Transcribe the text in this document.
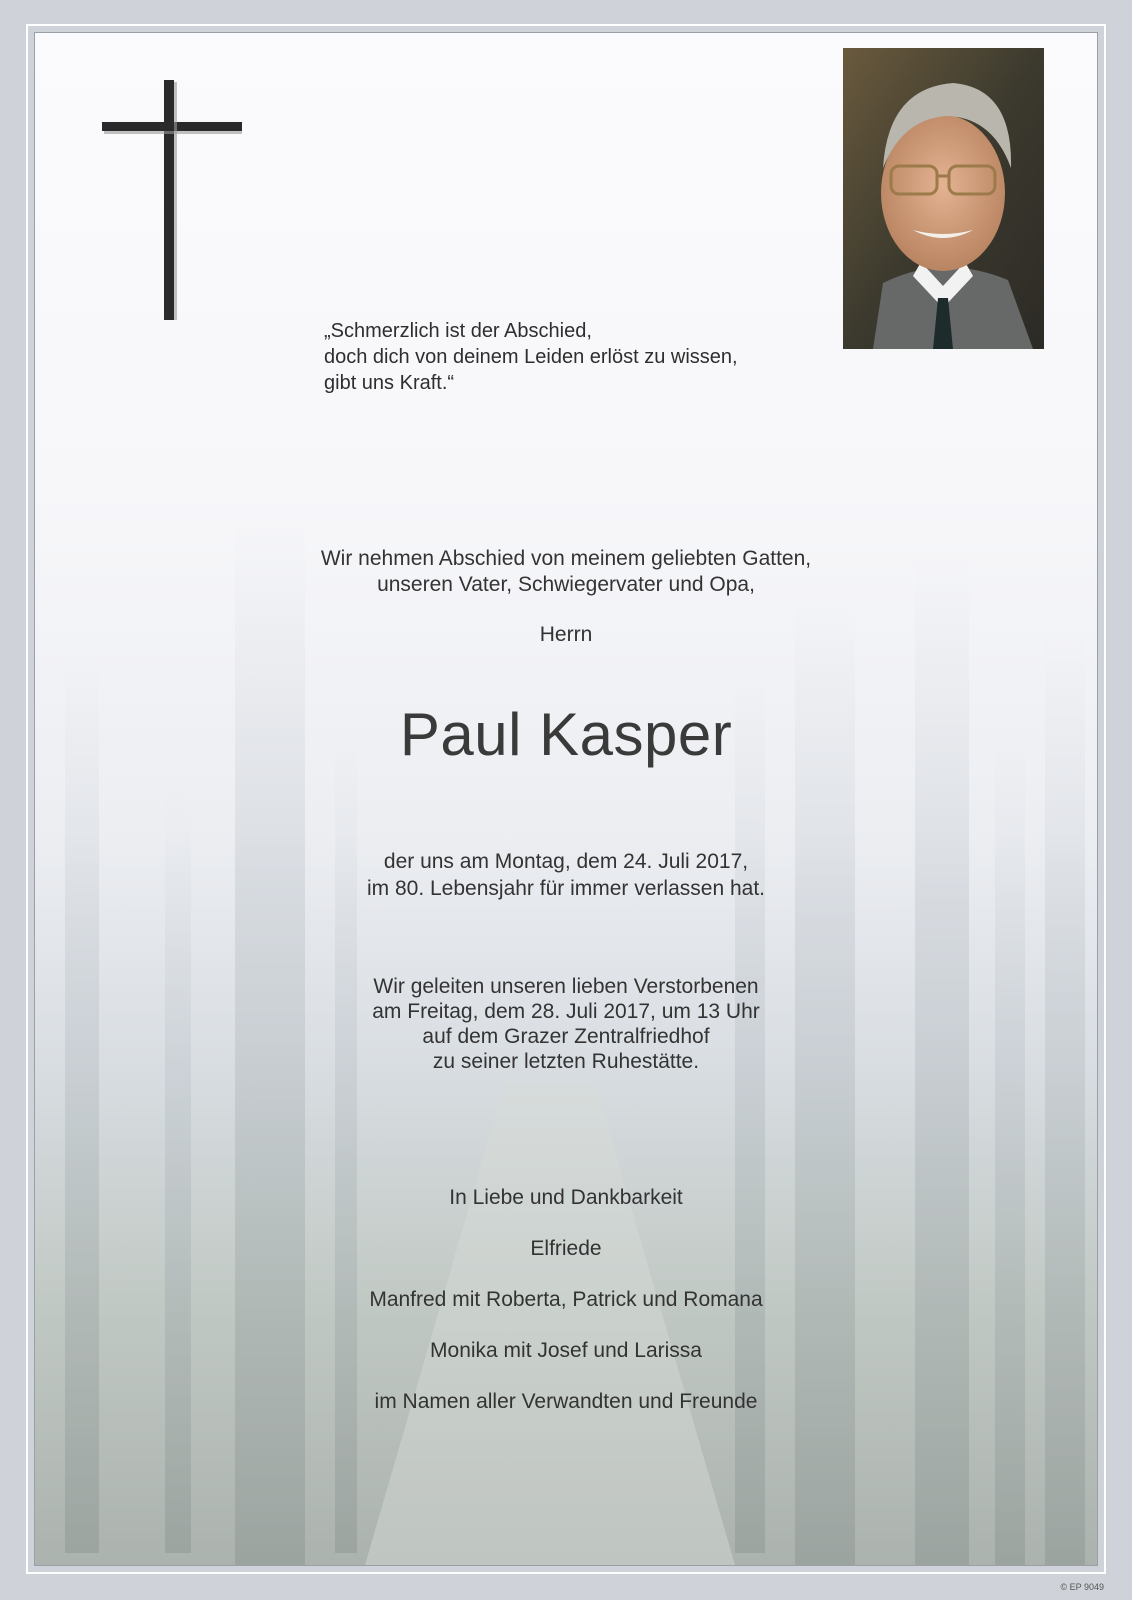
„Schmerzlich ist der Abschied,
doch dich von deinem Leiden erlöst zu wissen,
gibt uns Kraft.“
Wir nehmen Abschied von meinem geliebten Gatten,
unseren Vater, Schwiegervater und Opa,
Herrn
Paul Kasper
der uns am Montag, dem 24. Juli 2017,
im 80. Lebensjahr für immer verlassen hat.
Wir geleiten unseren lieben Verstorbenen
am Freitag, dem 28. Juli 2017, um 13 Uhr
auf dem Grazer Zentralfriedhof
zu seiner letzten Ruhestätte.
In Liebe und Dankbarkeit
Elfriede
Manfred mit Roberta, Patrick und Romana
Monika mit Josef und Larissa
im Namen aller Verwandten und Freunde
© EP 9049
